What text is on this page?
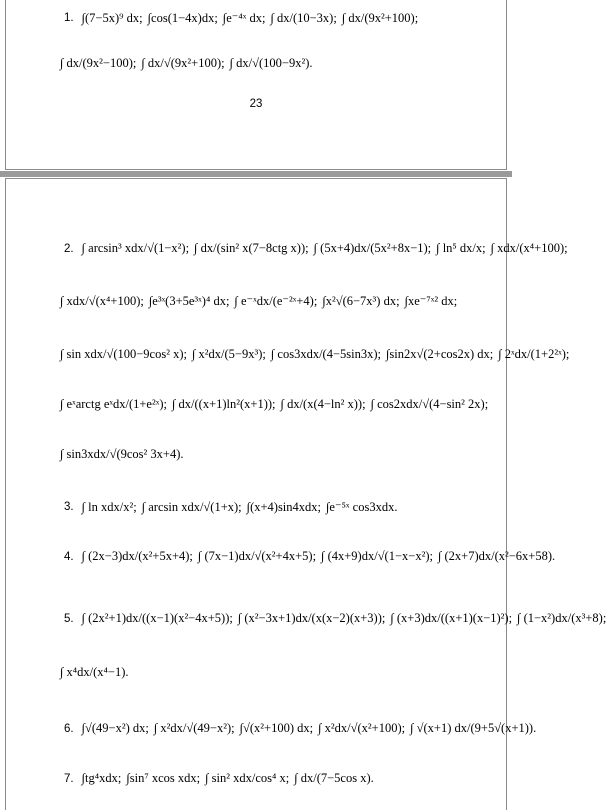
1. ∫(7−5x)⁹ dx; ∫cos(1−4x)dx; ∫e⁻⁴ˣ dx; ∫ dx/(10−3x); ∫ dx/(9x²+100);
∫ dx/(9x²−100); ∫ dx/√(9x²+100); ∫ dx/√(100−9x²).
23
2. ∫ arcsin³ xdx/√(1−x²); ∫ dx/(sin² x(7−8ctg x)); ∫ (5x+4)dx/(5x²+8x−1); ∫ ln⁵ dx/x; ∫ xdx/(x⁴+100);
∫ xdx/√(x⁴+100); ∫e³ˣ(3+5e³ˣ)⁴ dx; ∫ e⁻ˣdx/(e⁻²ˣ+4); ∫x²√(6−7x³) dx; ∫xe⁻⁷ˣ² dx;
∫ sin xdx/√(100−9cos² x); ∫ x²dx/(5−9x³); ∫ cos3xdx/(4−5sin3x); ∫sin2x√(2+cos2x) dx; ∫ 2ˣdx/(1+2²ˣ);
∫ eˣarctg eˣdx/(1+e²ˣ); ∫ dx/((x+1)ln²(x+1)); ∫ dx/(x(4−ln² x)); ∫ cos2xdx/√(4−sin² 2x);
∫ sin3xdx/√(9cos² 3x+4).
3. ∫ ln xdx/x²; ∫ arcsin xdx/√(1+x); ∫(x+4)sin4xdx; ∫e⁻⁵ˣ cos3xdx.
4. ∫ (2x−3)dx/(x²+5x+4); ∫ (7x−1)dx/√(x²+4x+5); ∫ (4x+9)dx/√(1−x−x²); ∫ (2x+7)dx/(x²−6x+58).
5. ∫ (2x²+1)dx/((x−1)(x²−4x+5)); ∫ (x²−3x+1)dx/(x(x−2)(x+3)); ∫ (x+3)dx/((x+1)(x−1)²); ∫ (1−x²)dx/(x³+8);
∫ x⁴dx/(x⁴−1).
6. ∫√(49−x²) dx; ∫ x²dx/√(49−x²); ∫√(x²+100) dx; ∫ x²dx/√(x²+100); ∫ √(x+1) dx/(9+5√(x+1)).
7. ∫tg⁴xdx; ∫sin⁷ xcos xdx; ∫ sin² xdx/cos⁴ x; ∫ dx/(7−5cos x).
